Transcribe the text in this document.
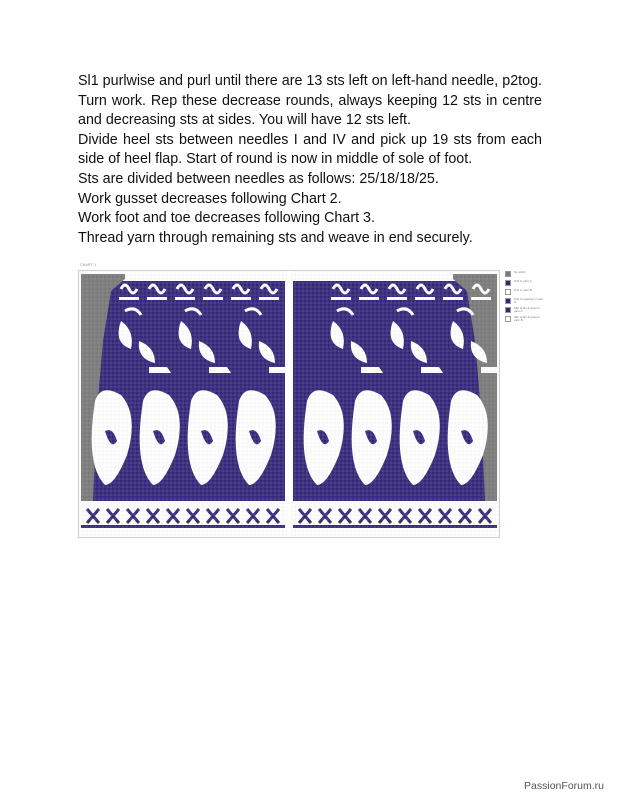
Sl1 purlwise and purl until there are 13 sts left on left-hand needle, p2tog. Turn work. Rep these decrease rounds, always keeping 12 sts in centre and decreasing sts at sides. You will have 12 sts left.

Divide heel sts between needles I and IV and pick up 19 sts from each side of heel flap. Start of round is now in middle of sole of foot.

Sts are divided between needles as follows: 25/18/18/25.

Work gusset decreases following Chart 2.

Work foot and toe decreases following Chart 3.

Thread yarn through remaining sts and weave in end securely.

CHART 1
No stitch
Knit in yarn A
Knit in yarn B
Knit 2 together in yarn A
Slip st kl1 & pass in yarn A
Slip st kl1 & pass in yarn B
PassionForum.ru
